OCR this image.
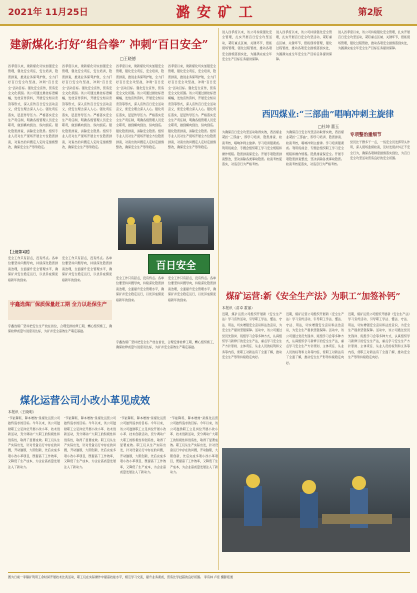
2021年 11月25日	潞 安 矿 工	第2版
建新煤化:打好“组合拳” 冲刺“百日安全”
□王晓德
四季度以来，建新煤化切实加强安全管理，强化安全责任，安全培训，隐患排查，推进业务保驾护航，全力打好百日安全攻坚战，冲刺“百日安全”活动目标。强化安全宣传，营造安全文化氛围。该公司通过悬挂标语横幅，发放宣传资料，开展安全知识竞答等形式，深入宣传百日安全活动意义，使安全理念深入人心。强化责任落实，层层传导压力。严格落实安全生产责任制，明确各级管理人员安全职责，做到横向到边、纵向到底。强化隐患排查，消除安全隐患。组织专业人员对生产现场开展全方位隐患排查，对查出的问题定人定时定措施整改，确保安全生产形势稳定。
四季度以来，建新煤化切实加强安全管理，强化安全责任，安全培训，隐患排查，推进业务保驾护航，全力打好百日安全攻坚战，冲刺“百日安全”活动目标。强化安全宣传，营造安全文化氛围。该公司通过悬挂标语横幅，发放宣传资料，开展安全知识竞答等形式，深入宣传百日安全活动意义，使安全理念深入人心。强化责任落实，层层传导压力。严格落实安全生产责任制，明确各级管理人员安全职责，做到横向到边、纵向到底。强化隐患排查，消除安全隐患。组织专业人员对生产现场开展全方位隐患排查，对查出的问题定人定时定措施整改，确保安全生产形势稳定。
四季度以来，建新煤化切实加强安全管理，强化安全责任，安全培训，隐患排查，推进业务保驾护航，全力打好百日安全攻坚战，冲刺“百日安全”活动目标。强化安全宣传，营造安全文化氛围。该公司通过悬挂标语横幅，发放宣传资料，开展安全知识竞答等形式，深入宣传百日安全活动意义，使安全理念深入人心。强化责任落实，层层传导压力。严格落实安全生产责任制，明确各级管理人员安全职责，做到横向到边、纵向到底。强化隐患排查，消除安全隐患。组织专业人员对生产现场开展全方位隐患排查，对查出的问题定人定时定措施整改，确保安全生产形势稳定。
四季度以来，建新煤化切实加强安全管理，强化安全责任，安全培训，隐患排查，推进业务保驾护航，全力打好百日安全攻坚战，冲刺“百日安全”活动目标。强化安全宣传，营造安全文化氛围。该公司通过悬挂标语横幅，发放宣传资料，开展安全知识竞答等形式，深入宣传百日安全活动意义，使安全理念深入人心。强化责任落实，层层传导压力。严格落实安全生产责任制，明确各级管理人员安全职责，做到横向到边、纵向到底。强化隐患排查，消除安全隐患。组织专业人员对生产现场开展全方位隐患排查，对查出的问题定人定时定措施整改，确保安全生产形势稳定。
进入四季度以来，该公司持续强化安全管理，扎实开展百日安全攻坚活动，紧盯重点区域、关键环节，狠抓现场管理，强化过程管控，推动各项安全措施落到实处，为圆满完成全年安全生产目标任务提供保障。
进入四季度以来，该公司持续强化安全管理，扎实开展百日安全攻坚活动，紧盯重点区域、关键环节，狠抓现场管理，强化过程管控，推动各项安全措施落到实处，为圆满完成全年安全生产目标任务提供保障。
进入四季度以来，该公司持续强化安全管理，扎实开展百日安全攻坚活动，紧盯重点区域、关键环节，狠抓现场管理，强化过程管控，推动各项安全措施落到实处，为圆满完成全年安全生产目标任务提供保障。
西四煤业:“三部曲”唱响冲刺主旋律
□杜坤 董玉
为确保百日安全攻坚活动取得实效，西四煤业紧扣“三部曲”，即学习培训、隐患排查、检查考核，唱响冲刺主旋律。学习培训强素质。利用班前会、专题会组织职工学习安全规程和操作规程。隐患排查保安全。开展专项隐患排查整治，坚决消除各类事故隐患。检查考核促落实，对违章行为严格考核。
为确保百日安全攻坚活动取得实效，西四煤业紧扣“三部曲”，即学习培训、隐患排查、检查考核，唱响冲刺主旋律。学习培训强素质。利用班前会、专题会组织职工学习安全规程和操作规程。隐患排查保安全。开展专项隐患排查整治，坚决消除各类事故隐患。检查考核促落实，对违章行为严格考核。
专项整治重细节
党员比干群多干一点，一线安全员发挥带头作用，深入现场监督检查，及时发现并纠正不安全行为，确保各项制度措施落实到位，为百日安全攻坚活动营造良好的安全氛围。
百日安全
【上接第1版】
安全工作只有起点，没有终点。各单位要坚持问题导向，持续深化隐患排查治理，全面提升安全管理水平，确保矿井安全稳定运行，以优异成绩迎接新年的到来。
安全工作只有起点，没有终点。各单位要坚持问题导向，持续深化隐患排查治理，全面提升安全管理水平，确保矿井安全稳定运行，以优异成绩迎接新年的到来。	安全工作只有起点，没有终点。各单位要坚持问题导向，持续深化隐患排查治理，全面提升安全管理水平，确保矿井安全稳定运行，以优异成绩迎接新年的到来。
安全工作只有起点，没有终点。各单位要坚持问题导向，持续深化隐患排查治理，全面提升安全管理水平，确保矿井安全稳定运行，以优异成绩迎接新年的到来。
宇鑫选煤厂保质保量赶工期 全力以赴保生产
宇鑫选煤厂坚持把安全生产放在首位，合理安排检修工期，精心组织施工，确保检修质量与进度双达标，为矿井安全高效生产奠定基础。
宇鑫选煤厂坚持把安全生产放在首位，合理安排检修工期，精心组织施工，确保检修质量与进度双达标，为矿井安全高效生产奠定基础。
煤矿运营:新《安全生产法》为职工“加签补钙”
本报讯（苗卓 霍丽）
近期，煤矿运营公司组织开展新《安全生产法》学习宣传活动，引导职工学法、懂法、守法、用法，切实增强安全意识和法治意识，为安全生产提供坚强保障。活动中，该公司通过党员先锋岗、班组学习会等多种方式，认真组织学习新修订的安全生产法，重点学习安全生产方针原则、主体责任、从业人员的权利和义务等内容，使职工对新法有了全面了解，推动安全生产形势持续稳定向好。
近期，煤矿运营公司组织开展新《安全生产法》学习宣传活动，引导职工学法、懂法、守法、用法，切实增强安全意识和法治意识，为安全生产提供坚强保障。活动中，该公司通过党员先锋岗、班组学习会等多种方式，认真组织学习新修订的安全生产法，重点学习安全生产方针原则、主体责任、从业人员的权利和义务等内容，使职工对新法有了全面了解，推动安全生产形势持续稳定向好。
近期，煤矿运营公司组织开展新《安全生产法》学习宣传活动，引导职工学法、懂法、守法、用法，切实增强安全意识和法治意识，为安全生产提供坚强保障。活动中，该公司通过党员先锋岗、班组学习会等多种方式，认真组织学习新修订的安全生产法，重点学习安全生产方针原则、主体责任、从业人员的权利和义务等内容，使职工对新法有了全面了解，推动安全生产形势持续稳定向好。
煤化运营公司小改小革见成效
本报讯（王晓明）
“节能降耗、降本增效”是煤化运营公司始终追求的目标。今年以来，该公司鼓励职工立足岗位开展小改小革、技术创新活动，充分调动广大职工的积极性和创造性，取得了显著成效。职工们从生产实际出发，针对设备运行中存在的问题，开动脑筋，大胆创新，先后完成多项小改小革项目，既提高了工作效率，又降低了生产成本，为企业高质量发展注入了新动力。
“节能降耗、降本增效”是煤化运营公司始终追求的目标。今年以来，该公司鼓励职工立足岗位开展小改小革、技术创新活动，充分调动广大职工的积极性和创造性，取得了显著成效。职工们从生产实际出发，针对设备运行中存在的问题，开动脑筋，大胆创新，先后完成多项小改小革项目，既提高了工作效率，又降低了生产成本，为企业高质量发展注入了新动力。
“节能降耗、降本增效”是煤化运营公司始终追求的目标。今年以来，该公司鼓励职工立足岗位开展小改小革、技术创新活动，充分调动广大职工的积极性和创造性，取得了显著成效。职工们从生产实际出发，针对设备运行中存在的问题，开动脑筋，大胆创新，先后完成多项小改小革项目，既提高了工作效率，又降低了生产成本，为企业高质量发展注入了新动力。
“节能降耗、降本增效”是煤化运营公司始终追求的目标。今年以来，该公司鼓励职工立足岗位开展小改小革、技术创新活动，充分调动广大职工的积极性和创造性，取得了显著成效。职工们从生产实际出发，针对设备运行中存在的问题，开动脑筋，大胆创新，先后完成多项小改小革项目，既提高了工作效率，又降低了生产成本，为企业高质量发展注入了新动力。
图为日前一李镇矿利用工余时间开展技术比武活动，职工们在实际操作中提高技能水平，相互学习交流，提升业务素质，营造比学赶超的良好氛围。 李有林 卢佳 摄影报道
